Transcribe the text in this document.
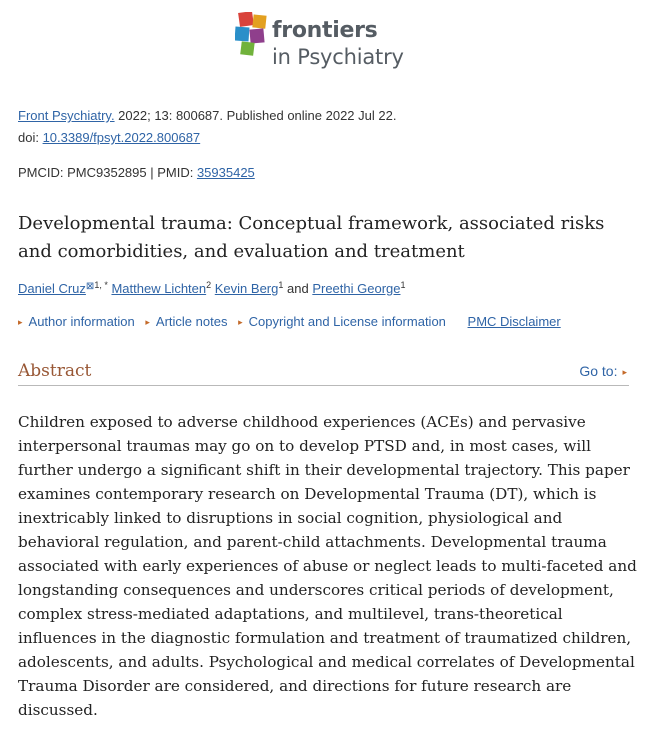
frontiers
in Psychiatry
Front Psychiatry. 2022; 13: 800687. Published online 2022 Jul 22.
doi: 10.3389/fpsyt.2022.800687
PMCID: PMC9352895 | PMID: 35935425
Developmental trauma: Conceptual framework, associated risks and comorbidities, and evaluation and treatment
Daniel Cruz$^{⊠1, *}$ Matthew Lichten$^2$ Kevin Berg$^1$ and Preethi George$^1$
▸ Author information ▸ Article notes ▸ Copyright and License information PMC Disclaimer
Abstract	Go to: ▸

Children exposed to adverse childhood experiences (ACEs) and pervasive interpersonal traumas may go on to develop PTSD and, in most cases, will further undergo a significant shift in their developmental trajectory. This paper examines contemporary research on Developmental Trauma (DT), which is inextricably linked to disruptions in social cognition, physiological and behavioral regulation, and parent-child attachments. Developmental trauma associated with early experiences of abuse or neglect leads to multi-faceted and longstanding consequences and underscores critical periods of development, complex stress-mediated adaptations, and multilevel, trans-theoretical influences in the diagnostic formulation and treatment of traumatized children, adolescents, and adults. Psychological and medical correlates of Developmental Trauma Disorder are considered, and directions for future research are discussed.
